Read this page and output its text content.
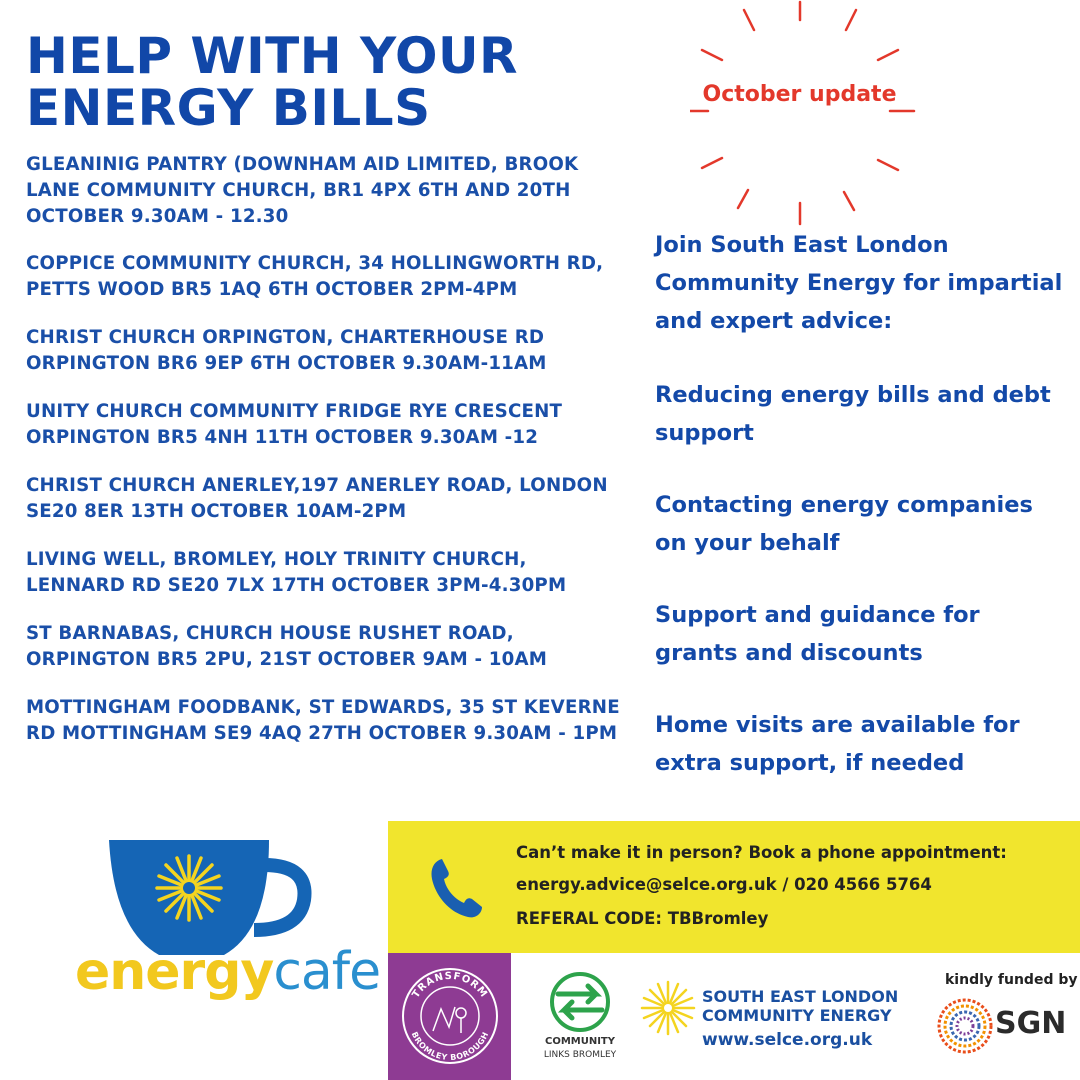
HELP WITH YOUR
ENERGY BILLS

GLEANINIG PANTRY (DOWNHAM AID LIMITED, BROOK LANE COMMUNITY CHURCH, BR1 4PX 6TH AND 20TH OCTOBER 9.30AM - 12.30

COPPICE COMMUNITY CHURCH, 34 HOLLINGWORTH RD, PETTS WOOD BR5 1AQ 6TH OCTOBER 2PM-4PM

CHRIST CHURCH ORPINGTON, CHARTERHOUSE RD ORPINGTON BR6 9EP 6TH OCTOBER 9.30AM-11AM

UNITY CHURCH COMMUNITY FRIDGE RYE CRESCENT ORPINGTON BR5 4NH 11TH OCTOBER 9.30AM -12

CHRIST CHURCH ANERLEY,197 ANERLEY ROAD, LONDON SE20 8ER 13TH OCTOBER 10AM-2PM

LIVING WELL, BROMLEY, HOLY TRINITY CHURCH, LENNARD RD SE20 7LX 17TH OCTOBER 3PM-4.30PM

ST BARNABAS, CHURCH HOUSE RUSHET ROAD, ORPINGTON BR5 2PU, 21ST OCTOBER 9AM - 10AM

MOTTINGHAM FOODBANK, ST EDWARDS, 35 ST KEVERNE RD MOTTINGHAM SE9 4AQ 27TH OCTOBER 9.30AM - 1PM

October update

Join South East London Community Energy for impartial and expert advice:

Reducing energy bills and debt support

Contacting energy companies on your behalf

Support and guidance for grants and discounts

Home visits are available for extra support, if needed

energycafe
Can’t make it in person? Book a phone appointment:
energy.advice@selce.org.uk / 020 4566 5764
REFERAL CODE: TBBromley
TRANSFORM
BROMLEY BOROUGH
COMMUNITY
LINKS BROMLEY
SOUTH EAST LONDON
COMMUNITY ENERGY
www.selce.org.uk
kindly funded by
SGN
